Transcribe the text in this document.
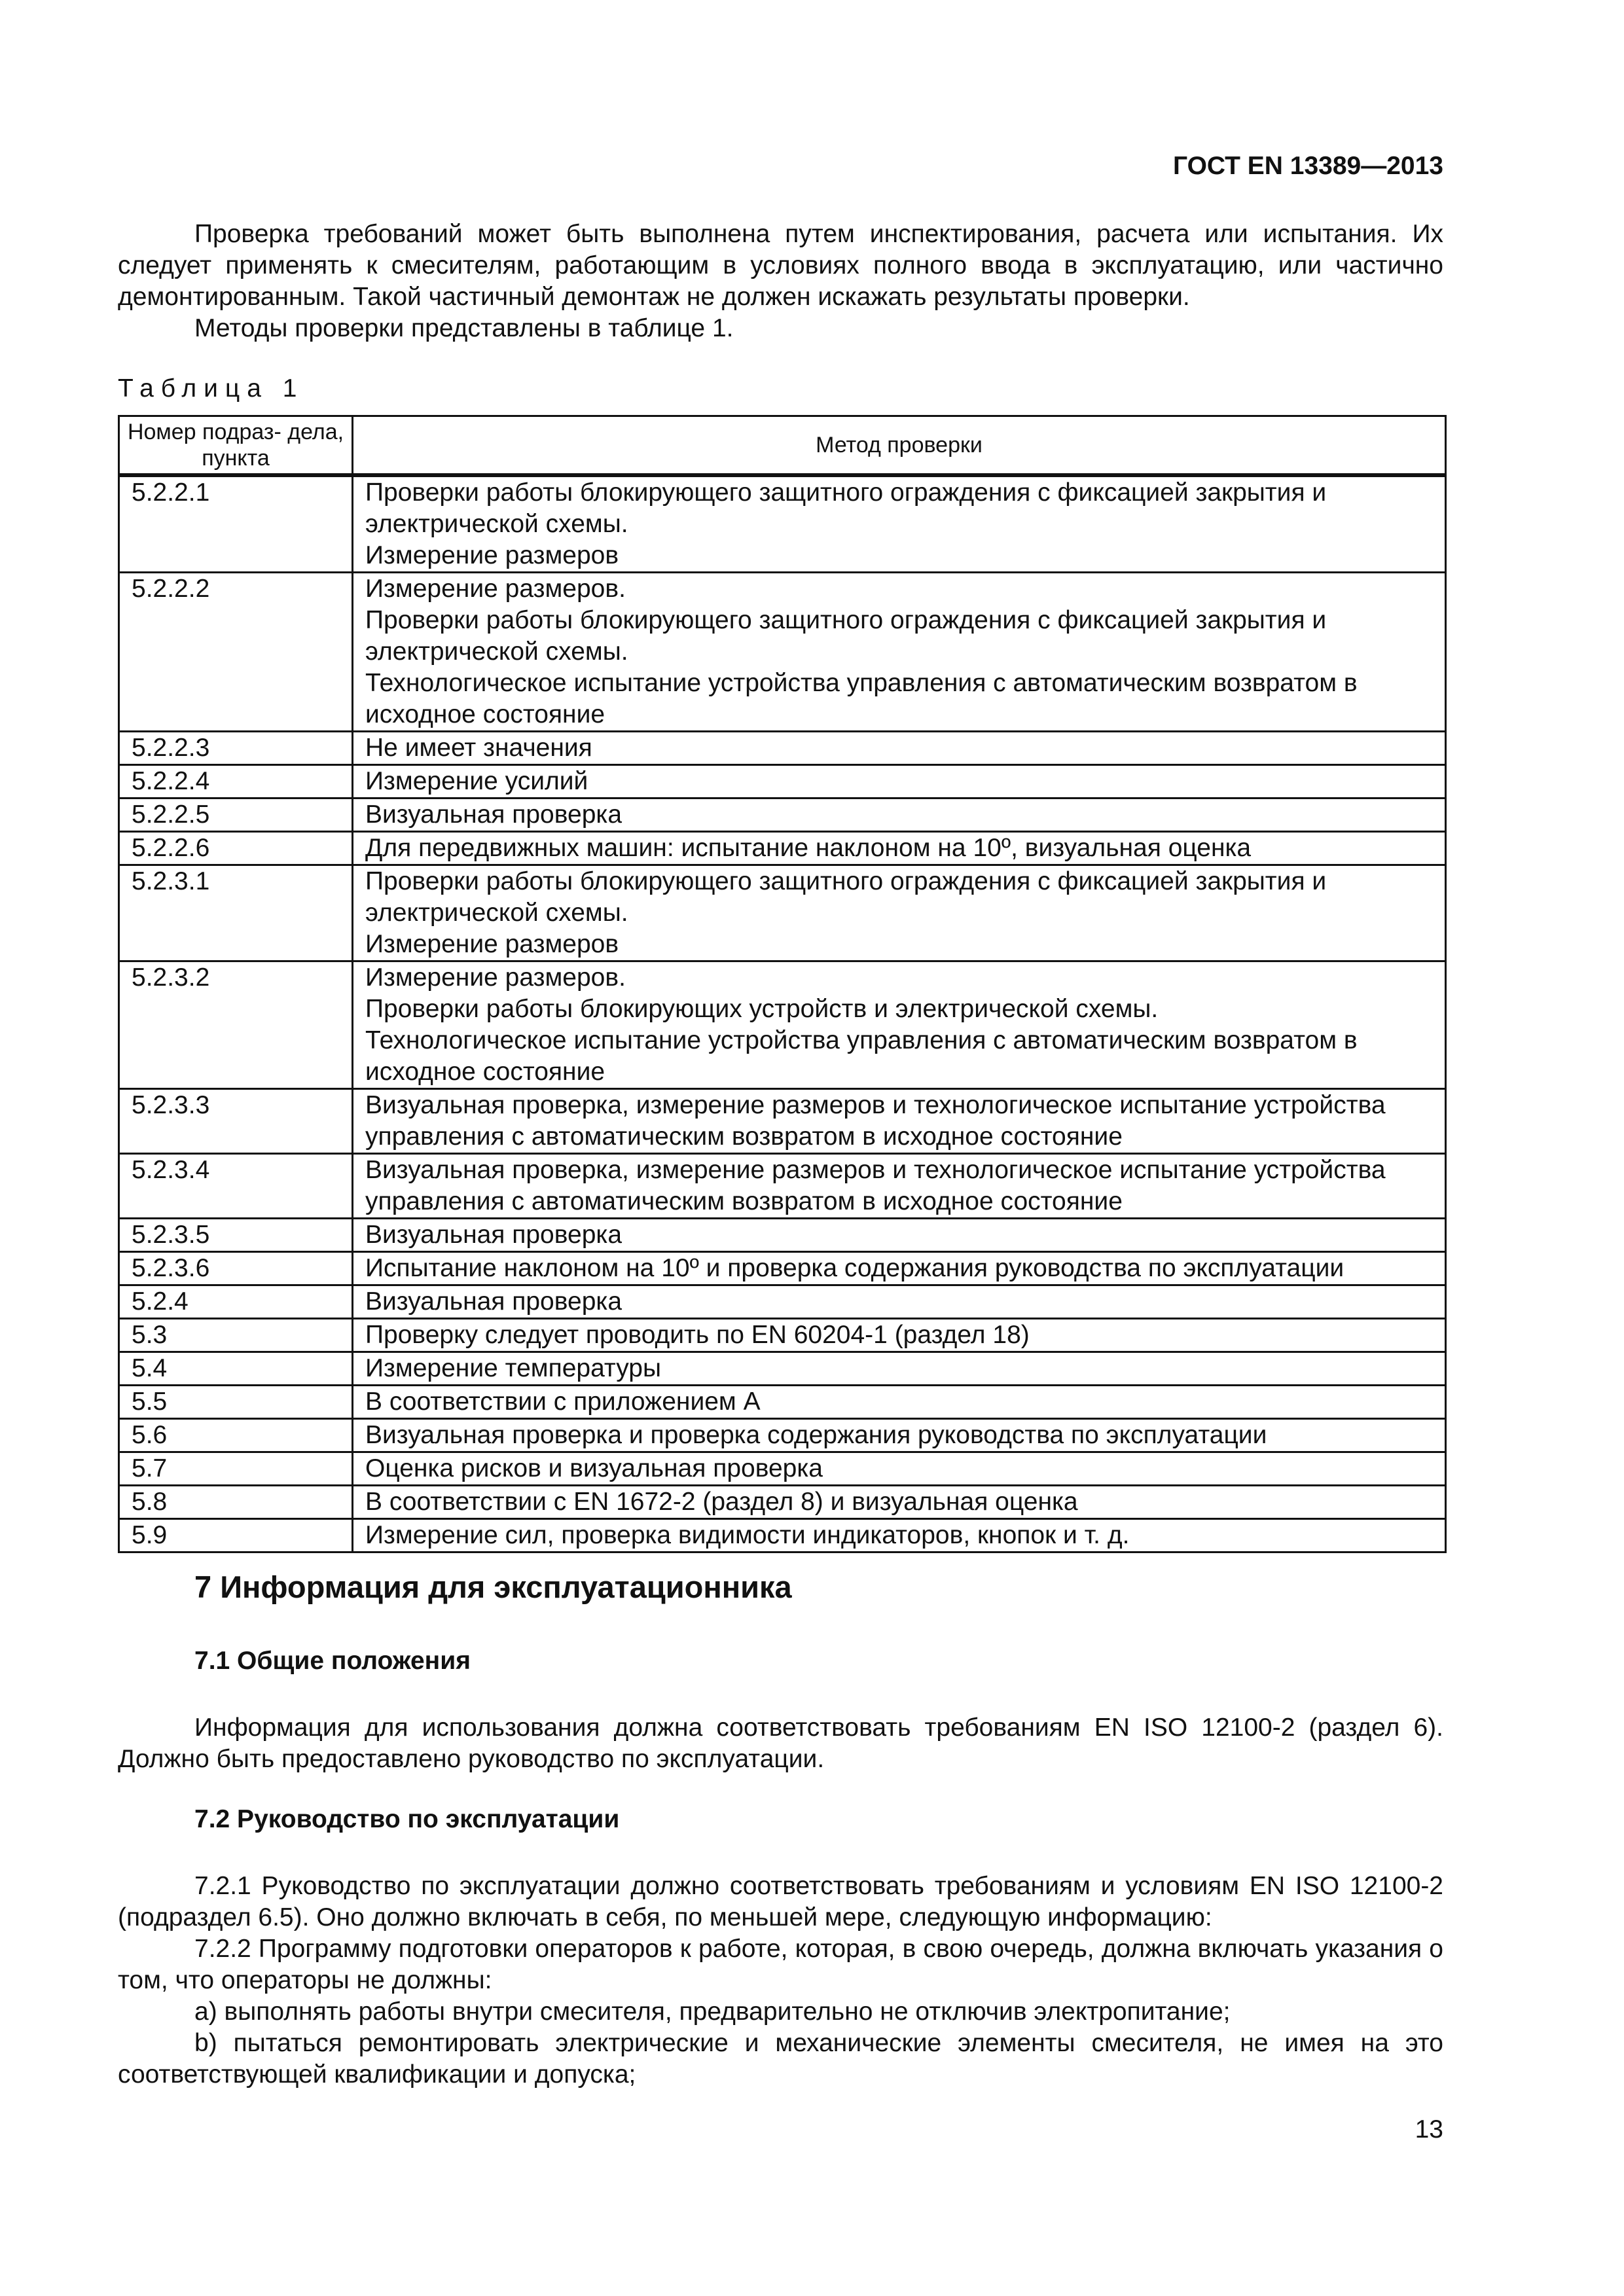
ГОСТ EN 13389—2013

Проверка требований может быть выполнена путем инспектирования, расчета или испытания. Их следует применять к смесителям, работающим в условиях полного ввода в эксплуатацию, или частично демонтированным. Такой частичный демонтаж не должен искажать результаты проверки.

Методы проверки представлены в таблице 1.

Таблица 1
Номер подраз- дела, пункта	Метод проверки
5.2.2.1	Проверки работы блокирующего защитного ограждения с фиксацией закрытия и электрической схемы.
Измерение размеров

5.2.2.2	Измерение размеров.
Проверки работы блокирующего защитного ограждения с фиксацией закрытия и электрической схемы.
Технологическое испытание устройства управления с автоматическим возвратом в исходное состояние

5.2.2.3	Не имеет значения

5.2.2.4	Измерение усилий

5.2.2.5	Визуальная проверка

5.2.2.6	Для передвижных машин: испытание наклоном на 10º, визуальная оценка

5.2.3.1	Проверки работы блокирующего защитного ограждения с фиксацией закрытия и электрической схемы.
Измерение размеров

5.2.3.2	Измерение размеров.
Проверки работы блокирующих устройств и электрической схемы.
Технологическое испытание устройства управления с автоматическим возвратом в исходное состояние

5.2.3.3	Визуальная проверка, измерение размеров и технологическое испытание устройства управления с автоматическим возвратом в исходное состояние

5.2.3.4	Визуальная проверка, измерение размеров и технологическое испытание устройства управления с автоматическим возвратом в исходное состояние

5.2.3.5	Визуальная проверка

5.2.3.6	Испытание наклоном на 10º и проверка содержания руководства по эксплуатации

5.2.4	Визуальная проверка

5.3	Проверку следует проводить по EN 60204-1 (раздел 18)

5.4	Измерение температуры

5.5	В соответствии с приложением А

5.6	Визуальная проверка и проверка содержания руководства по эксплуатации

5.7	Оценка рисков и визуальная проверка

5.8	В соответствии с EN 1672-2 (раздел 8) и визуальная оценка

5.9	Измерение сил, проверка видимости индикаторов, кнопок и т. д.
7 Информация для эксплуатационника
7.1 Общие положения

Информация для использования должна соответствовать требованиям EN ISO 12100-2 (раздел 6). Должно быть предоставлено руководство по эксплуатации.

7.2 Руководство по эксплуатации

7.2.1 Руководство по эксплуатации должно соответствовать требованиям и условиям EN ISO 12100-2 (подраздел 6.5). Оно должно включать в себя, по меньшей мере, следующую информацию:

7.2.2 Программу подготовки операторов к работе, которая, в свою очередь, должна включать указания о том, что операторы не должны:

а) выполнять работы внутри смесителя, предварительно не отключив электропитание;

b) пытаться ремонтировать электрические и механические элементы смесителя, не имея на это соответствующей квалификации и допуска;

13
